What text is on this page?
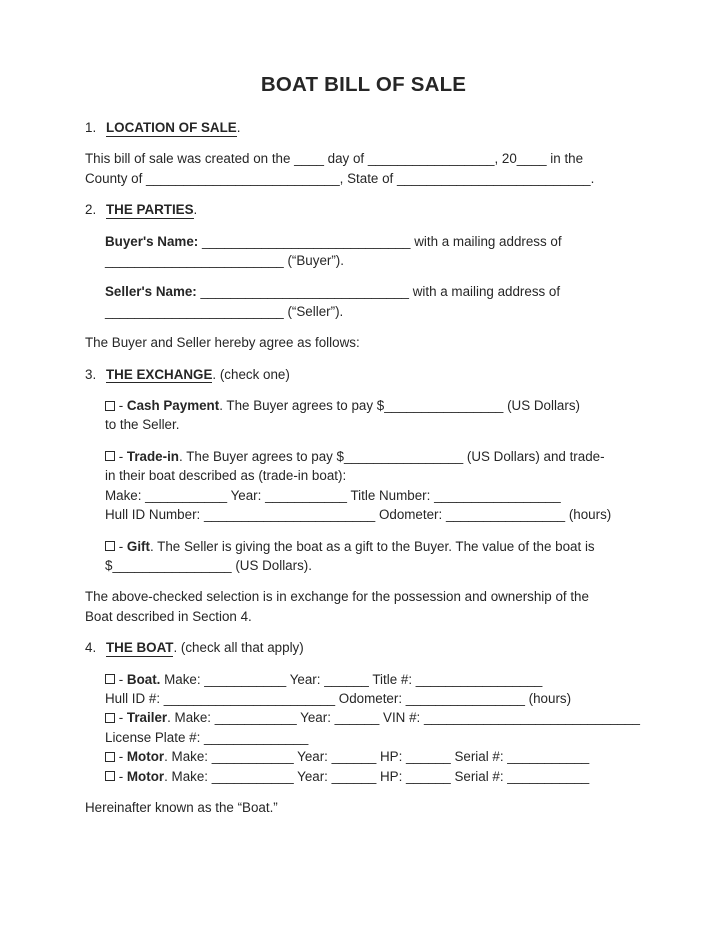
BOAT BILL OF SALE
1. LOCATION OF SALE.
This bill of sale was created on the ____ day of _________________, 20____ in the
County of __________________________, State of __________________________.
2. THE PARTIES.
Buyer's Name: ____________________________ with a mailing address of
________________________ (“Buyer”).
Seller's Name: ____________________________ with a mailing address of
________________________ (“Seller”).
The Buyer and Seller hereby agree as follows:
3. THE EXCHANGE. (check one)
- Cash Payment. The Buyer agrees to pay $________________ (US Dollars)
to the Seller.
- Trade-in. The Buyer agrees to pay $________________ (US Dollars) and trade-
in their boat described as (trade-in boat):
Make: ___________ Year: ___________ Title Number: _________________
Hull ID Number: _______________________ Odometer: ________________ (hours)
- Gift. The Seller is giving the boat as a gift to the Buyer. The value of the boat is
$________________ (US Dollars).
The above-checked selection is in exchange for the possession and ownership of the
Boat described in Section 4.
4. THE BOAT. (check all that apply)
- Boat. Make: ___________ Year: ______ Title #: _________________
Hull ID #: _______________________ Odometer: ________________ (hours)
- Trailer. Make: ___________ Year: ______ VIN #: _____________________________
License Plate #: ______________
- Motor. Make: ___________ Year: ______ HP: ______ Serial #: ___________
- Motor. Make: ___________ Year: ______ HP: ______ Serial #: ___________
Hereinafter known as the “Boat.”
